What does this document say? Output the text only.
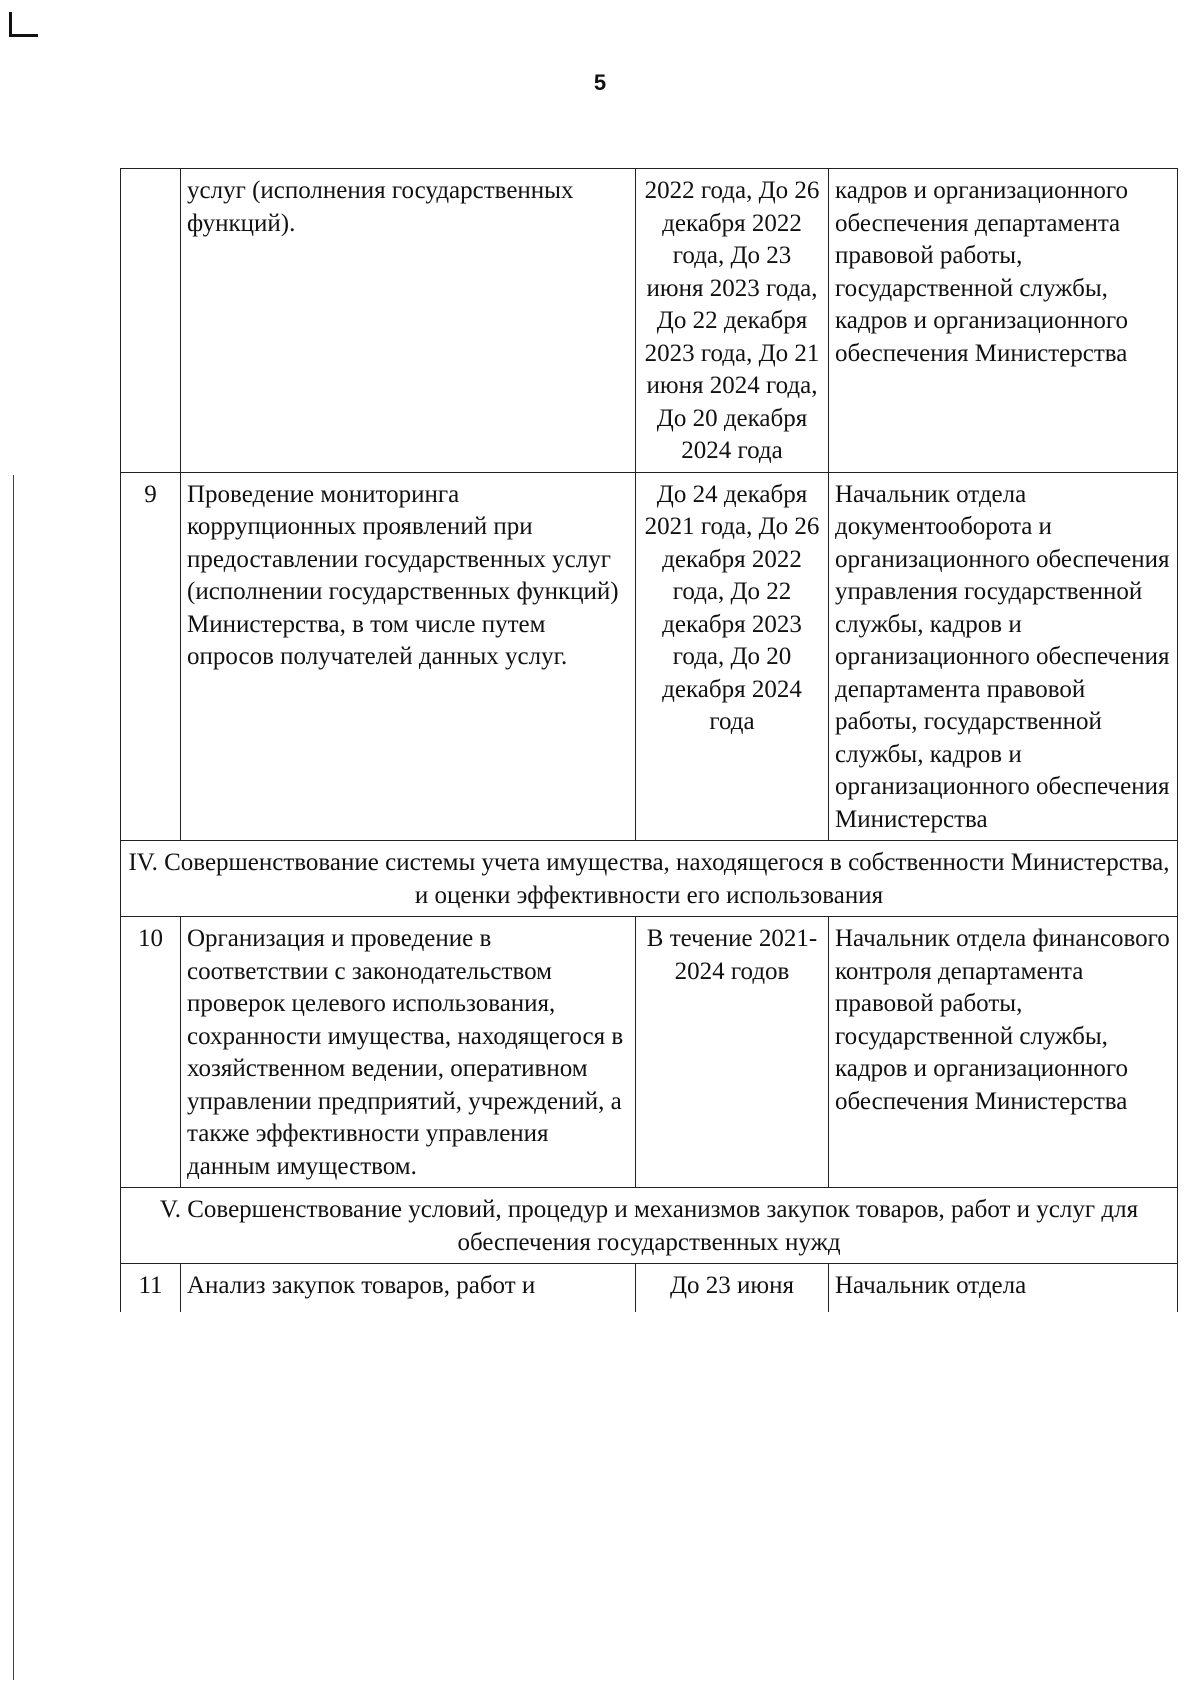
5
	услуг (исполнения государственных функций).	2022 года, До 26 декабря 2022 года, До 23 июня 2023 года, До 22 декабря 2023 года, До 21 июня 2024 года, До 20 декабря 2024 года	кадров и организационного обеспечения департамента правовой работы, государственной службы, кадров и организационного обеспечения Министерства
9	Проведение мониторинга коррупционных проявлений при предоставлении государственных услуг (исполнении государственных функций) Министерства, в том числе путем опросов получателей данных услуг.	До 24 декабря 2021 года, До 26 декабря 2022 года, До 22 декабря 2023 года, До 20 декабря 2024 года	Начальник отдела документооборота и организационного обеспечения управления государственной службы, кадров и организационного обеспечения департамента правовой работы, государственной службы, кадров и организационного обеспечения Министерства
IV. Совершенствование системы учета имущества, находящегося в собственности Министерства, и оценки эффективности его использования			
10	Организация и проведение в соответствии с законодательством проверок целевого использования, сохранности имущества, находящегося в хозяйственном ведении, оперативном управлении предприятий, учреждений, а также эффективности управления данным имуществом.	В течение 2021-2024 годов	Начальник отдела финансового контроля департамента правовой работы, государственной службы, кадров и организационного обеспечения Министерства
V. Совершенствование условий, процедур и механизмов закупок товаров, работ и услуг для обеспечения государственных нужд			
11	Анализ закупок товаров, работ и	До 23 июня	Начальник отдела
